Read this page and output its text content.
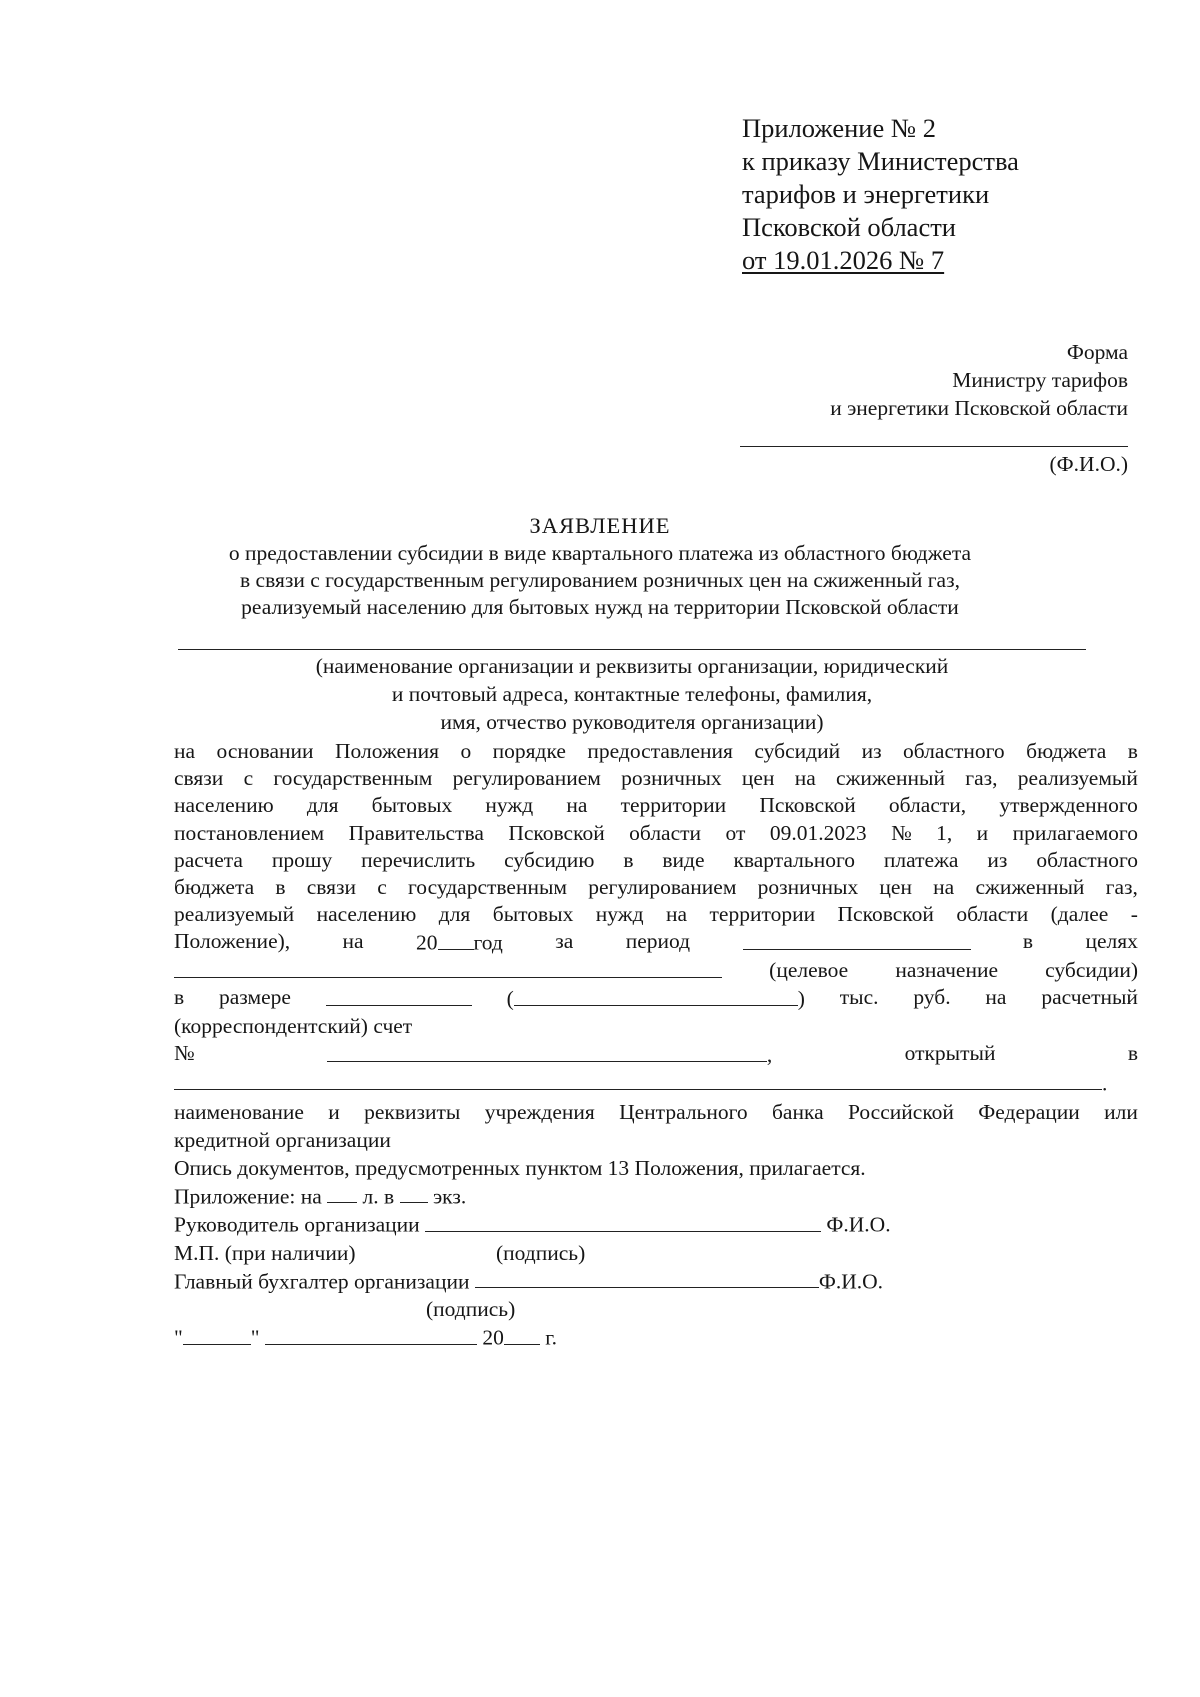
Приложение № 2
к приказу Министерства
тарифов и энергетики
Псковской области
от 19.01.2026 № 7
Форма
Министру тарифов
и энергетики Псковской области
(Ф.И.О.)
ЗАЯВЛЕНИЕ
о предоставлении субсидии в виде квартального платежа из областного бюджета
в связи с государственным регулированием розничных цен на сжиженный газ,
реализуемый населению для бытовых нужд на территории Псковской области
(наименование организации и реквизиты организации, юридический
и почтовый адреса, контактные телефоны, фамилия,
имя, отчество руководителя организации)
на основании Положения о порядке предоставления субсидий из областного бюджета в
связи с государственным регулированием розничных цен на сжиженный газ, реализуемый
населению для бытовых нужд на территории Псковской области, утвержденного
постановлением Правительства Псковской области от 09.01.2023 № 1, и прилагаемого
расчета прошу перечислить субсидию в виде квартального платежа из областного
бюджета в связи с государственным регулированием розничных цен на сжиженный газ,
реализуемый населению для бытовых нужд на территории Псковской области (далее -
Положение), на 20 год за период	в целях
(целевое назначение субсидии)
в размере	(	) тыс. руб. на расчетный
(корреспондентский) счет
№	,	открытый	в
.
наименование и реквизиты учреждения Центрального банка Российской Федерации или
кредитной организации
Опись документов, предусмотренных пунктом 13 Положения, прилагается.
Приложение: на л. в экз.
Руководитель организации	Ф.И.О.
М.П. (при наличии)	(подпись)
Главный бухгалтер организации	Ф.И.О.
(подпись)
"	"	20 г.
